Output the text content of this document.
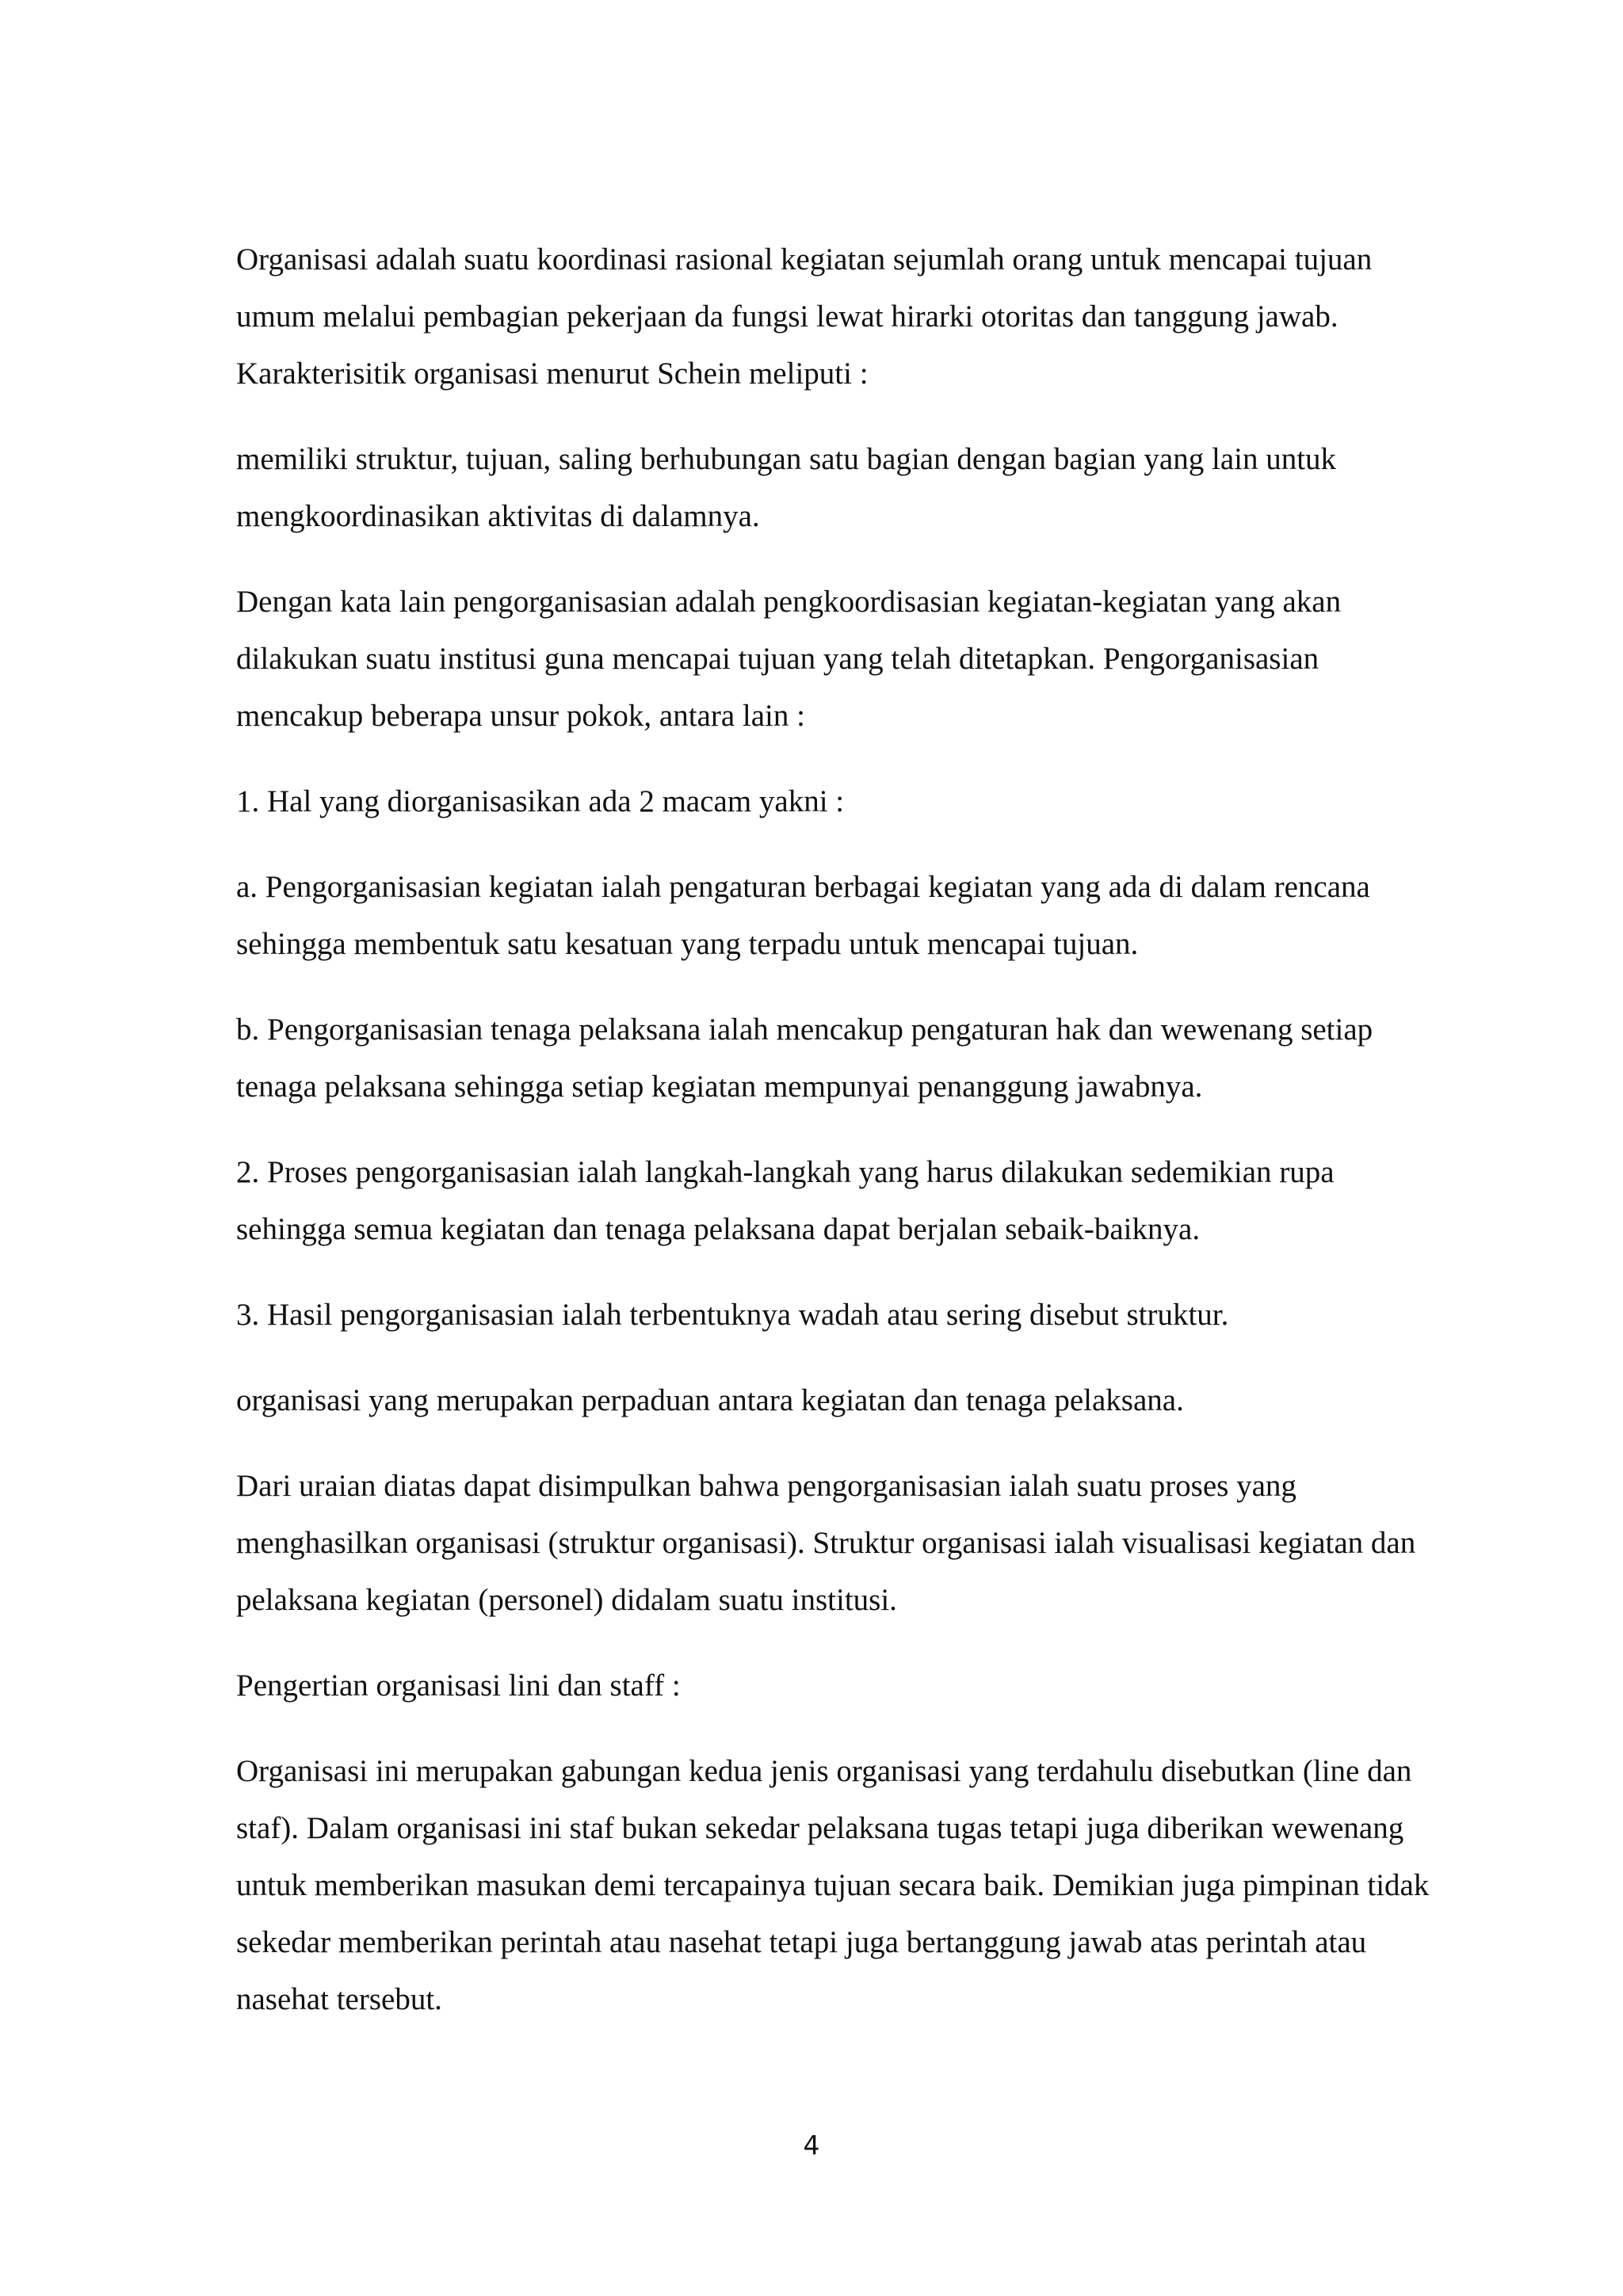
Organisasi adalah suatu koordinasi rasional kegiatan sejumlah orang untuk mencapai tujuan umum melalui pembagian pekerjaan da fungsi lewat hirarki otoritas dan tanggung jawab. Karakterisitik organisasi menurut Schein meliputi :

memiliki struktur, tujuan, saling berhubungan satu bagian dengan bagian yang lain untuk mengkoordinasikan aktivitas di dalamnya.

Dengan kata lain pengorganisasian adalah pengkoordisasian kegiatan-kegiatan yang akan dilakukan suatu institusi guna mencapai tujuan yang telah ditetapkan. Pengorganisasian mencakup beberapa unsur pokok, antara lain :

1. Hal yang diorganisasikan ada 2 macam yakni :

a. Pengorganisasian kegiatan ialah pengaturan berbagai kegiatan yang ada di dalam rencana sehingga membentuk satu kesatuan yang terpadu untuk mencapai tujuan.

b. Pengorganisasian tenaga pelaksana ialah mencakup pengaturan hak dan wewenang setiap tenaga pelaksana sehingga setiap kegiatan mempunyai penanggung jawabnya.

2. Proses pengorganisasian ialah langkah-langkah yang harus dilakukan sedemikian rupa sehingga semua kegiatan dan tenaga pelaksana dapat berjalan sebaik-baiknya.

3. Hasil pengorganisasian ialah terbentuknya wadah atau sering disebut struktur.

organisasi yang merupakan perpaduan antara kegiatan dan tenaga pelaksana.

Dari uraian diatas dapat disimpulkan bahwa pengorganisasian ialah suatu proses yang menghasilkan organisasi (struktur organisasi). Struktur organisasi ialah visualisasi kegiatan dan pelaksana kegiatan (personel) didalam suatu institusi.

Pengertian organisasi lini dan staff :

Organisasi ini merupakan gabungan kedua jenis organisasi yang terdahulu disebutkan (line dan staf). Dalam organisasi ini staf bukan sekedar pelaksana tugas tetapi juga diberikan wewenang untuk memberikan masukan demi tercapainya tujuan secara baik. Demikian juga pimpinan tidak sekedar memberikan perintah atau nasehat tetapi juga bertanggung jawab atas perintah atau nasehat tersebut.

4
